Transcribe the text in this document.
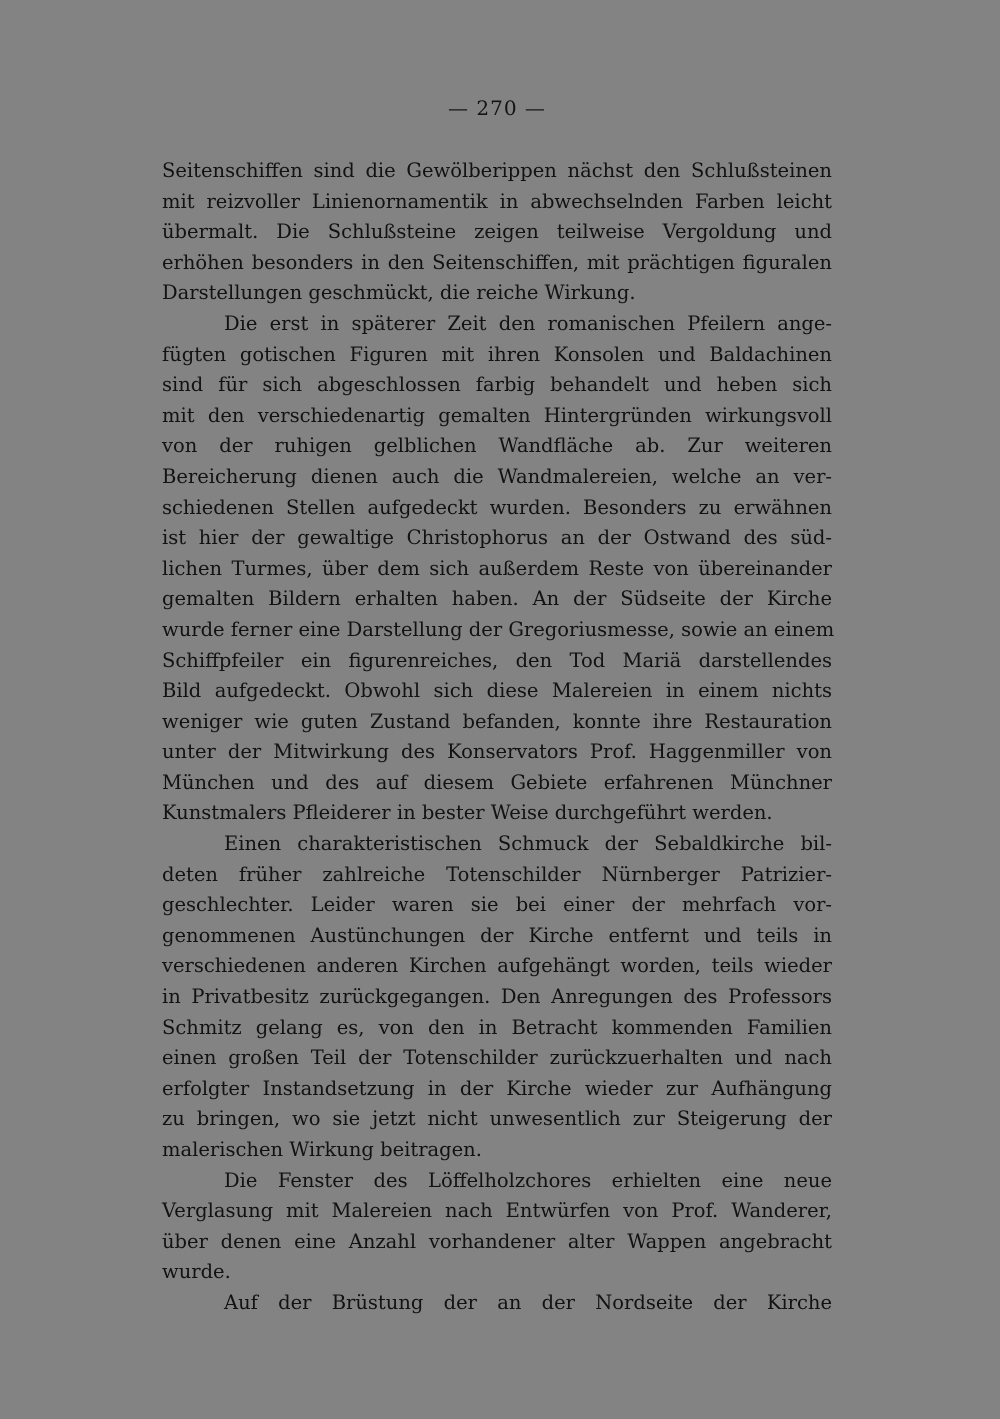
— 270 —
Seitenschiffen sind die Gewölberippen nächst den Schlußsteinen
mit reizvoller Linienornamentik in abwechselnden Farben leicht
übermalt. Die Schlußsteine zeigen teilweise Vergoldung und
erhöhen besonders in den Seitenschiffen, mit prächtigen figuralen
Darstellungen geschmückt, die reiche Wirkung.
Die erst in späterer Zeit den romanischen Pfeilern ange-
fügten gotischen Figuren mit ihren Konsolen und Baldachinen
sind für sich abgeschlossen farbig behandelt und heben sich
mit den verschiedenartig gemalten Hintergründen wirkungsvoll
von der ruhigen gelblichen Wandfläche ab. Zur weiteren
Bereicherung dienen auch die Wandmalereien, welche an ver-
schiedenen Stellen aufgedeckt wurden. Besonders zu erwähnen
ist hier der gewaltige Christophorus an der Ostwand des süd-
lichen Turmes, über dem sich außerdem Reste von übereinander
gemalten Bildern erhalten haben. An der Südseite der Kirche
wurde ferner eine Darstellung der Gregoriusmesse, sowie an einem
Schiffpfeiler ein figurenreiches, den Tod Mariä darstellendes
Bild aufgedeckt. Obwohl sich diese Malereien in einem nichts
weniger wie guten Zustand befanden, konnte ihre Restauration
unter der Mitwirkung des Konservators Prof. Haggenmiller von
München und des auf diesem Gebiete erfahrenen Münchner
Kunstmalers Pfleiderer in bester Weise durchgeführt werden.
Einen charakteristischen Schmuck der Sebaldkirche bil-
deten früher zahlreiche Totenschilder Nürnberger Patrizier-
geschlechter. Leider waren sie bei einer der mehrfach vor-
genommenen Austünchungen der Kirche entfernt und teils in
verschiedenen anderen Kirchen aufgehängt worden, teils wieder
in Privatbesitz zurückgegangen. Den Anregungen des Professors
Schmitz gelang es, von den in Betracht kommenden Familien
einen großen Teil der Totenschilder zurückzuerhalten und nach
erfolgter Instandsetzung in der Kirche wieder zur Aufhängung
zu bringen, wo sie jetzt nicht unwesentlich zur Steigerung der
malerischen Wirkung beitragen.
Die Fenster des Löffelholzchores erhielten eine neue
Verglasung mit Malereien nach Entwürfen von Prof. Wanderer,
über denen eine Anzahl vorhandener alter Wappen angebracht
wurde.
Auf der Brüstung der an der Nordseite der Kirche
